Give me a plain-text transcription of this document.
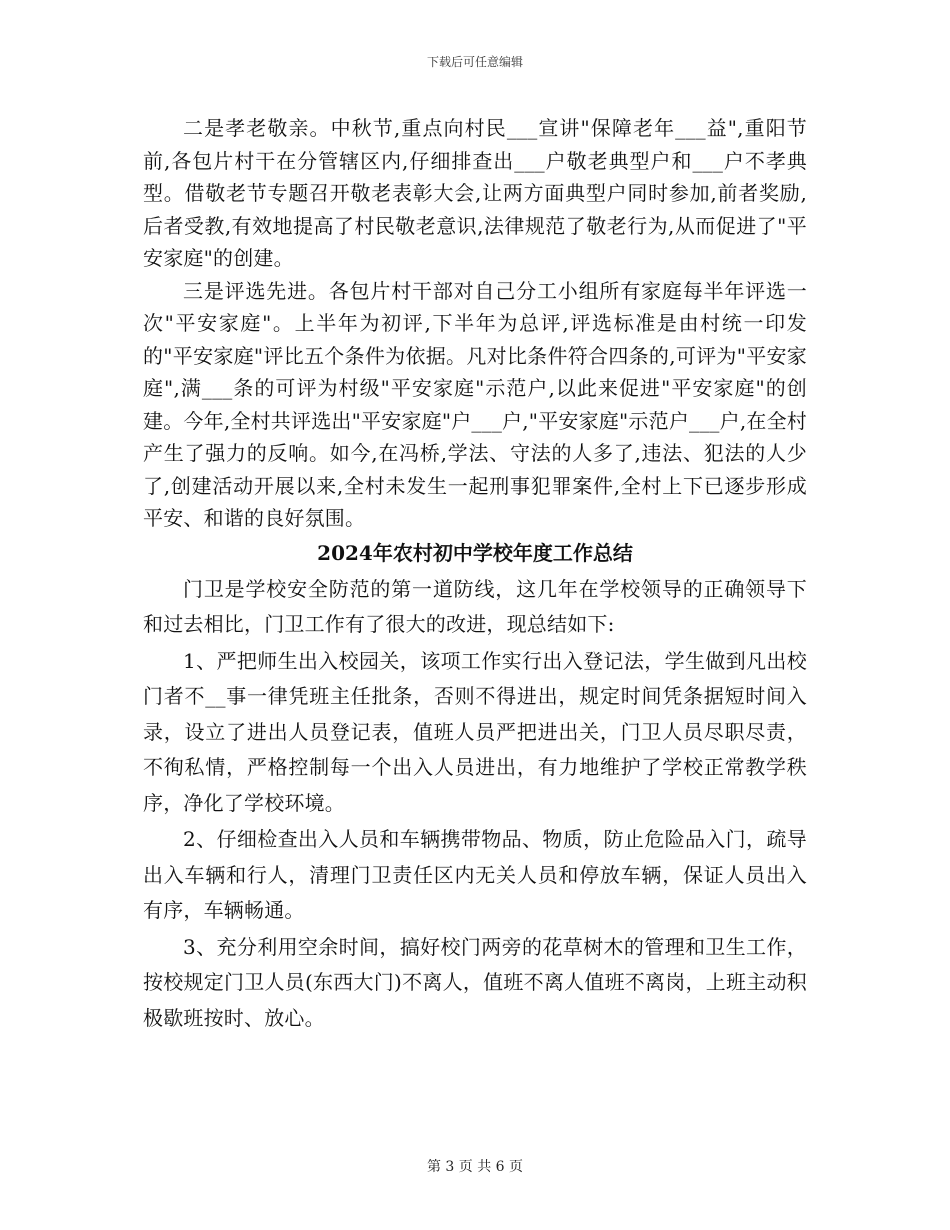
下载后可任意编辑

二是孝老敬亲。中秋节,重点向村民___宣讲"保障老年___益",重阳节前,各包片村干在分管辖区内,仔细排查出___户敬老典型户和___户不孝典型。借敬老节专题召开敬老表彰大会,让两方面典型户同时参加,前者奖励,后者受教,有效地提高了村民敬老意识,法律规范了敬老行为,从而促进了"平安家庭"的创建。

三是评选先进。各包片村干部对自己分工小组所有家庭每半年评选一次"平安家庭"。上半年为初评,下半年为总评,评选标准是由村统一印发的"平安家庭"评比五个条件为依据。凡对比条件符合四条的,可评为"平安家庭",满___条的可评为村级"平安家庭"示范户,以此来促进"平安家庭"的创建。今年,全村共评选出"平安家庭"户___户,"平安家庭"示范户___户,在全村产生了强力的反响。如今,在冯桥,学法、守法的人多了,违法、犯法的人少了,创建活动开展以来,全村未发生一起刑事犯罪案件,全村上下已逐步形成平安、和谐的良好氛围。

2024年农村初中学校年度工作总结

门卫是学校安全防范的第一道防线，这几年在学校领导的正确领导下和过去相比，门卫工作有了很大的改进，现总结如下:

1、严把师生出入校园关，该项工作实行出入登记法，学生做到凡出校门者不__事一律凭班主任批条，否则不得进出，规定时间凭条据短时间入录，设立了进出人员登记表，值班人员严把进出关，门卫人员尽职尽责，不徇私情，严格控制每一个出入人员进出，有力地维护了学校正常教学秩序，净化了学校环境。

2、仔细检查出入人员和车辆携带物品、物质，防止危险品入门，疏导出入车辆和行人，清理门卫责任区内无关人员和停放车辆，保证人员出入有序，车辆畅通。

3、充分利用空余时间，搞好校门两旁的花草树木的管理和卫生工作，按校规定门卫人员(东西大门)不离人，值班不离人值班不离岗，上班主动积极歇班按时、放心。

第 3 页 共 6 页
